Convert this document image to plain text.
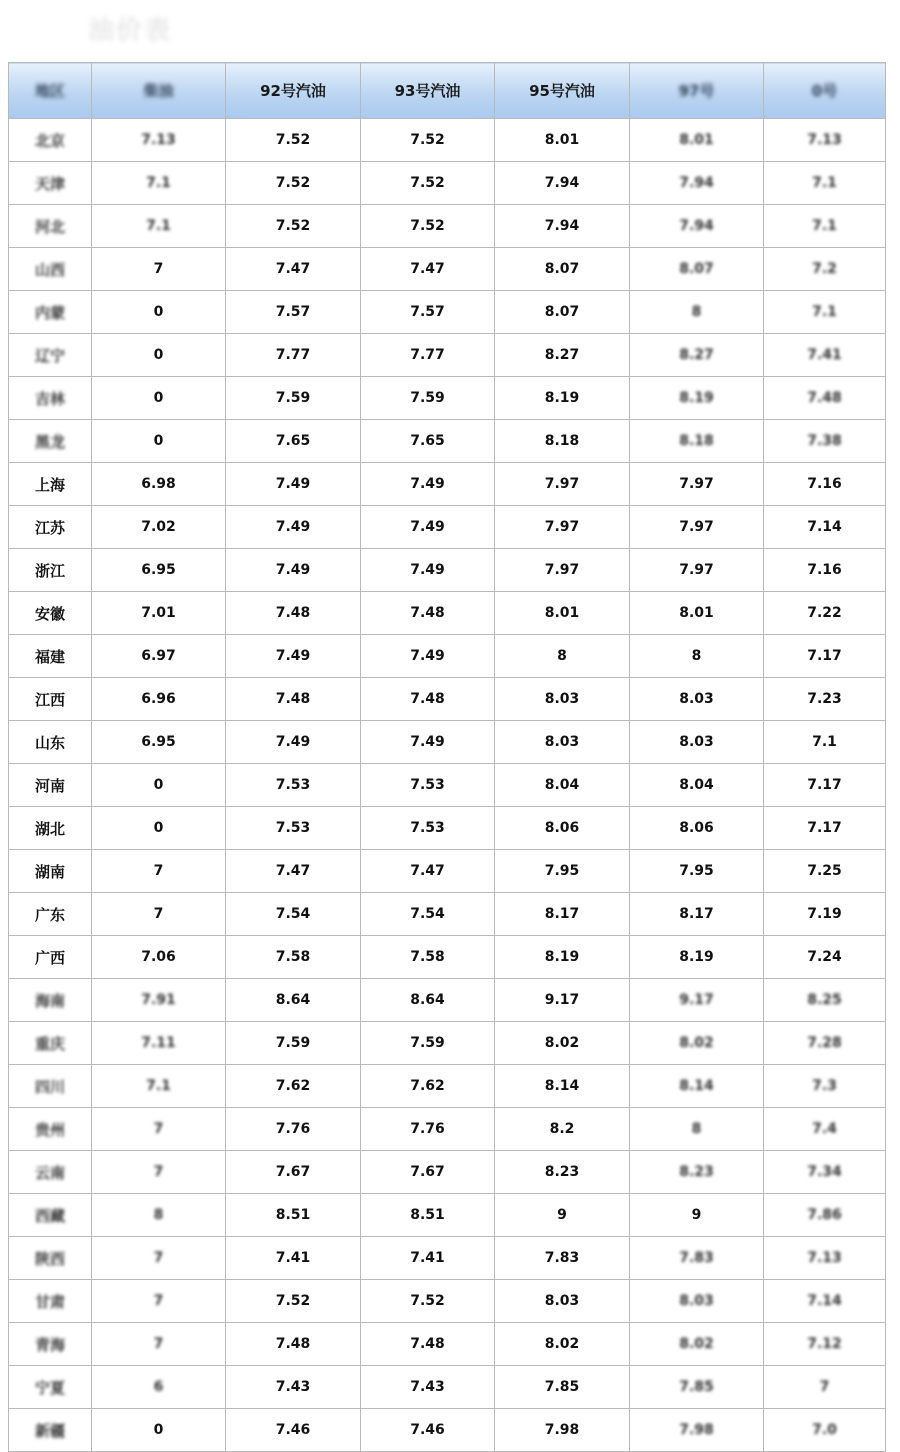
油价表
地区	柴油	92号汽油	93号汽油	95号汽油	97号	0号
北京	7.13	7.52	7.52	8.01	8.01	7.13
天津	7.1	7.52	7.52	7.94	7.94	7.1
河北	7.1	7.52	7.52	7.94	7.94	7.1
山西	7	7.47	7.47	8.07	8.07	7.2
内蒙	0	7.57	7.57	8.07	8	7.1
辽宁	0	7.77	7.77	8.27	8.27	7.41
吉林	0	7.59	7.59	8.19	8.19	7.48
黑龙	0	7.65	7.65	8.18	8.18	7.38
上海	6.98	7.49	7.49	7.97	7.97	7.16
江苏	7.02	7.49	7.49	7.97	7.97	7.14
浙江	6.95	7.49	7.49	7.97	7.97	7.16
安徽	7.01	7.48	7.48	8.01	8.01	7.22
福建	6.97	7.49	7.49	8	8	7.17
江西	6.96	7.48	7.48	8.03	8.03	7.23
山东	6.95	7.49	7.49	8.03	8.03	7.1
河南	0	7.53	7.53	8.04	8.04	7.17
湖北	0	7.53	7.53	8.06	8.06	7.17
湖南	7	7.47	7.47	7.95	7.95	7.25
广东	7	7.54	7.54	8.17	8.17	7.19
广西	7.06	7.58	7.58	8.19	8.19	7.24
海南	7.91	8.64	8.64	9.17	9.17	8.25
重庆	7.11	7.59	7.59	8.02	8.02	7.28
四川	7.1	7.62	7.62	8.14	8.14	7.3
贵州	7	7.76	7.76	8.2	8	7.4
云南	7	7.67	7.67	8.23	8.23	7.34
西藏	8	8.51	8.51	9	9	7.86
陕西	7	7.41	7.41	7.83	7.83	7.13
甘肃	7	7.52	7.52	8.03	8.03	7.14
青海	7	7.48	7.48	8.02	8.02	7.12
宁夏	6	7.43	7.43	7.85	7.85	7
新疆	0	7.46	7.46	7.98	7.98	7.0
